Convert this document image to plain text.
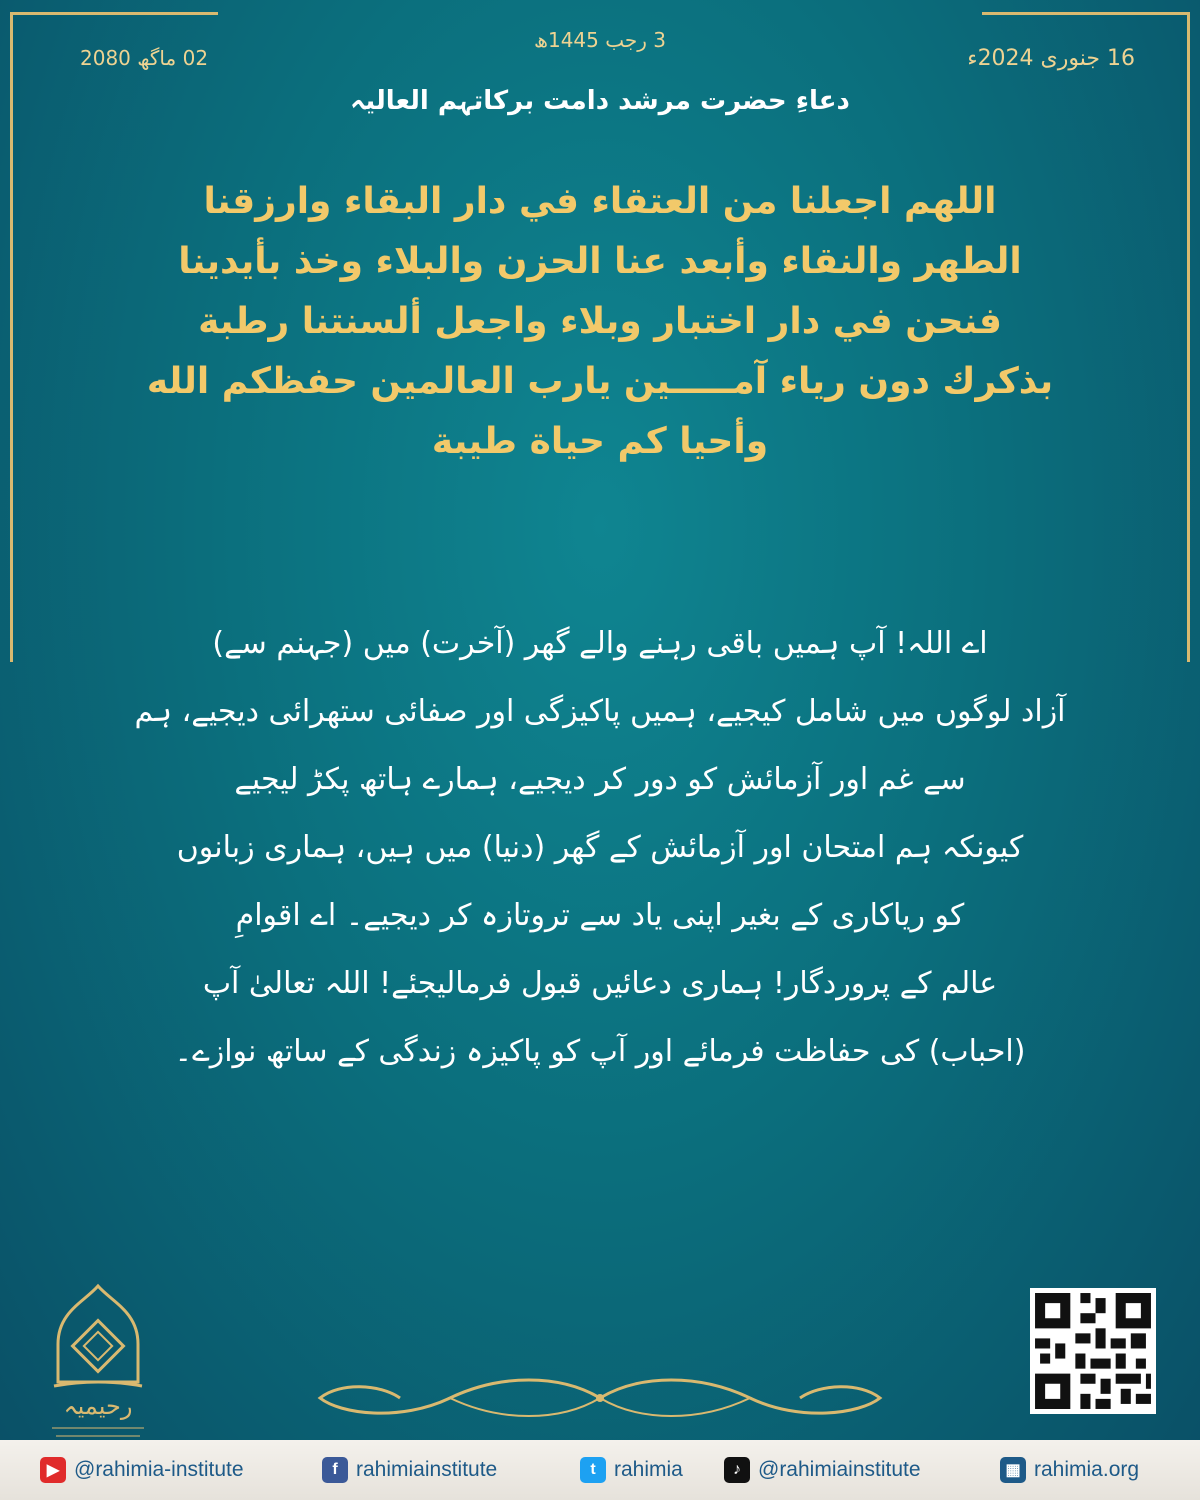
02 ماگھ 2080
3 رجب 1445ھ
16 جنوری 2024ء
دعاءِ حضرت مرشد دامت برکاتہم العالیہ
اللهم اجعلنا من العتقاء في دار البقاء وارزقنا
الطهر والنقاء وأبعد عنا الحزن والبلاء وخذ بأيدينا
فنحن في دار اختبار وبلاء واجعل ألسنتنا رطبة
بذكرك دون رياء آمـــــين يارب العالمين حفظكم الله
وأحيا كم حياة طيبة
اے اللہ! آپ ہمیں باقی رہنے والے گھر (آخرت) میں (جہنم سے)
آزاد لوگوں میں شامل کیجیے، ہمیں پاکیزگی اور صفائی ستھرائی دیجیے، ہم
سے غم اور آزمائش کو دور کر دیجیے، ہمارے ہاتھ پکڑ لیجیے
کیونکہ ہم امتحان اور آزمائش کے گھر (دنیا) میں ہیں، ہماری زبانوں
کو ریاکاری کے بغیر اپنی یاد سے تروتازہ کر دیجیے۔ اے اقوامِ
عالم کے پروردگار! ہماری دعائیں قبول فرمالیجئے! اللہ تعالیٰ آپ
(احباب) کی حفاظت فرمائے اور آپ کو پاکیزہ زندگی کے ساتھ نوازے۔
رحیمیہ
▶ @rahimia-institute	f rahimiainstitute	t rahimia	♪ @rahimiainstitute	▦ rahimia.org
